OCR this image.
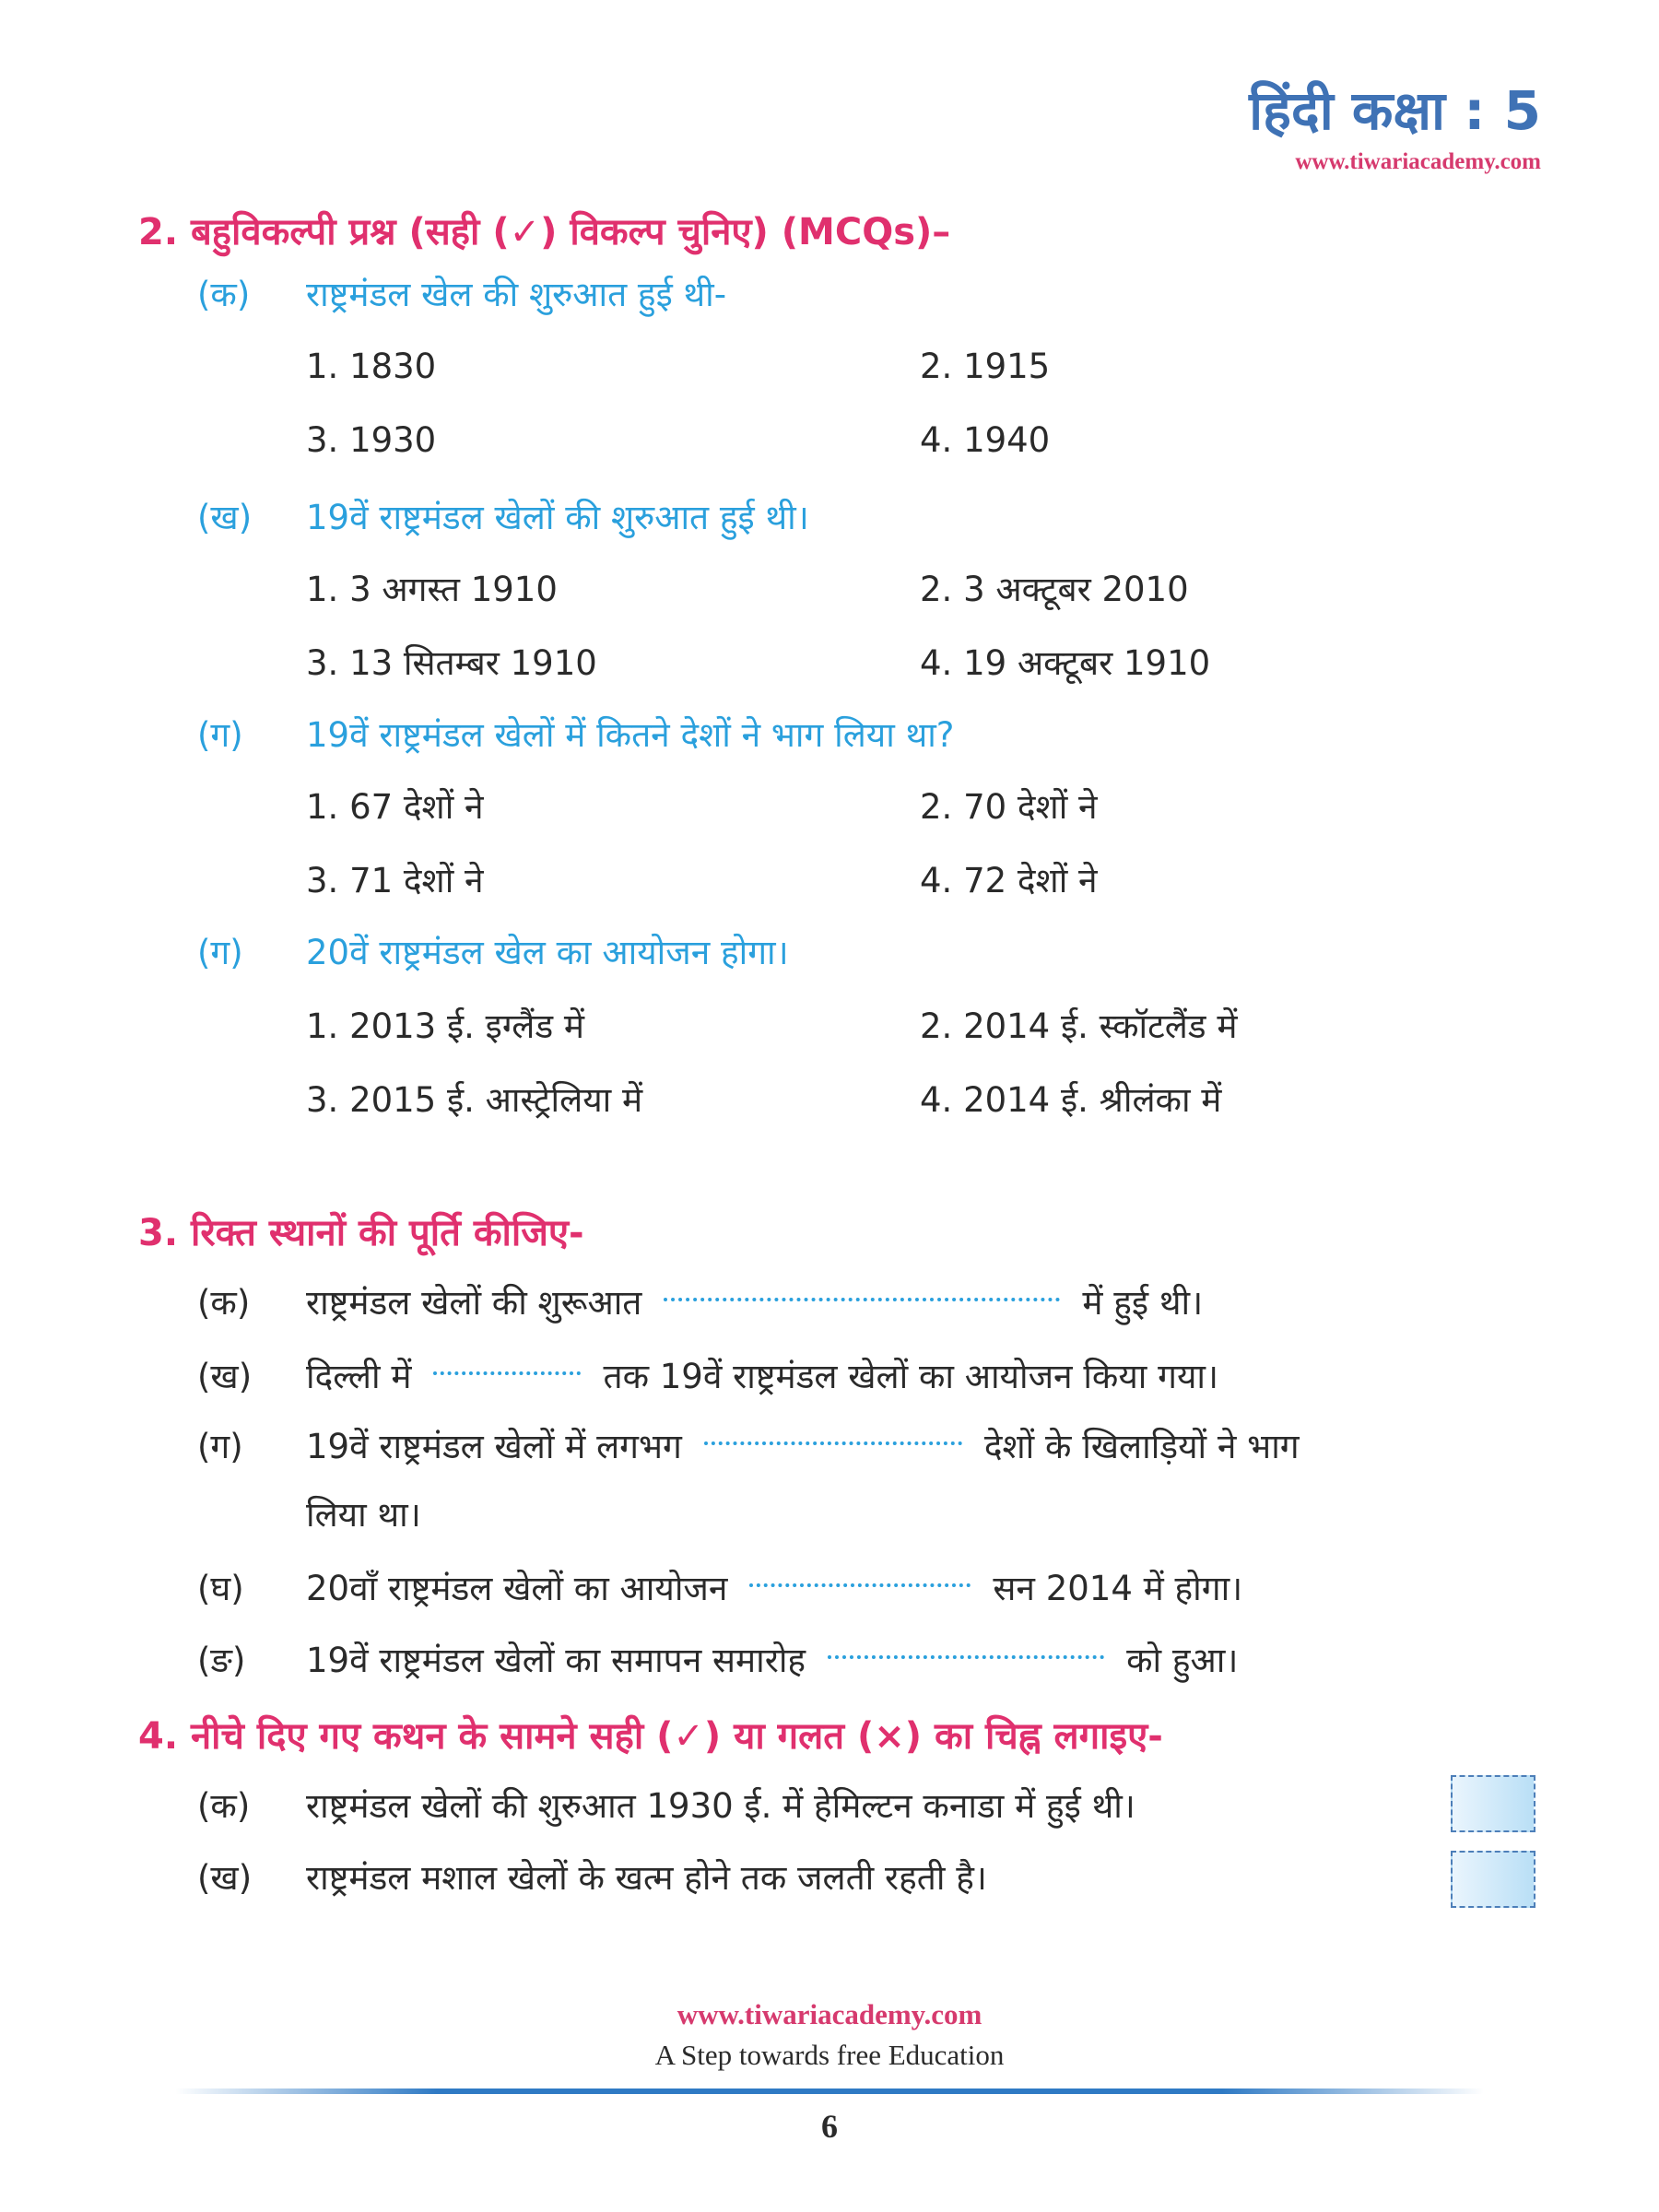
हिंदी कक्षा : 5
www.tiwariacademy.com
2. बहुविकल्पी प्रश्न (सही (✓) विकल्प चुनिए) (MCQs)–
(क) राष्ट्रमंडल खेल की शुरुआत हुई थी-
1. 1830	2. 1915
3. 1930	4. 1940
(ख) 19वें राष्ट्रमंडल खेलों की शुरुआत हुई थी।
1. 3 अगस्त 1910	2. 3 अक्टूबर 2010
3. 13 सितम्बर 1910	4. 19 अक्टूबर 1910
(ग) 19वें राष्ट्रमंडल खेलों में कितने देशों ने भाग लिया था?
1. 67 देशों ने	2. 70 देशों ने
3. 71 देशों ने	4. 72 देशों ने
(ग) 20वें राष्ट्रमंडल खेल का आयोजन होगा।
1. 2013 ई. इग्लैंड में	2. 2014 ई. स्कॉटलैंड में
3. 2015 ई. आस्ट्रेलिया में	4. 2014 ई. श्रीलंका में
3. रिक्त स्थानों की पूर्ति कीजिए-
(क) राष्ट्रमंडल खेलों की शुरूआत	में हुई थी।
(ख) दिल्ली में	तक 19वें राष्ट्रमंडल खेलों का आयोजन किया गया।
(ग) 19वें राष्ट्रमंडल खेलों में लगभग	देशों के खिलाड़ियों ने भाग
लिया था।
(घ) 20वाँ राष्ट्रमंडल खेलों का आयोजन	सन 2014 में होगा।
(ङ) 19वें राष्ट्रमंडल खेलों का समापन समारोह	को हुआ।
4. नीचे दिए गए कथन के सामने सही (✓) या गलत (×) का चिह्न लगाइए-
(क) राष्ट्रमंडल खेलों की शुरुआत 1930 ई. में हेमिल्टन कनाडा में हुई थी।
(ख) राष्ट्रमंडल मशाल खेलों के खत्म होने तक जलती रहती है।
www.tiwariacademy.com
A Step towards free Education
6
